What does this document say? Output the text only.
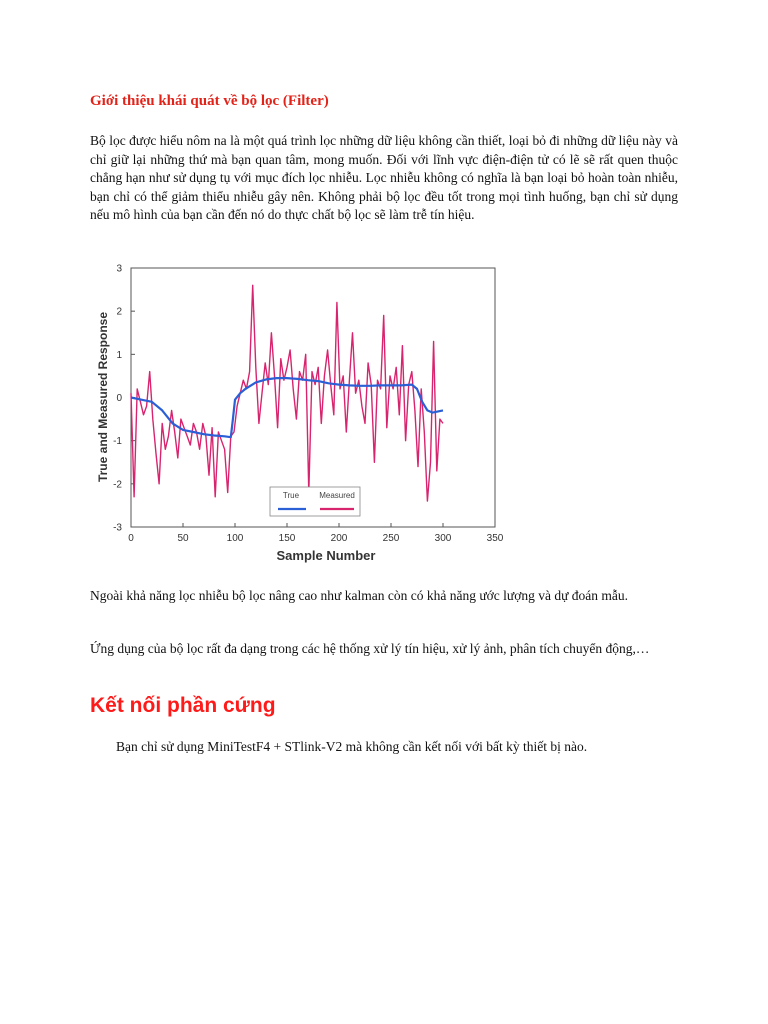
Giới thiệu khái quát về bộ lọc (Filter)

Bộ lọc được hiểu nôm na là một quá trình lọc những dữ liệu không cần thiết, loại bỏ đi những dữ liệu này và chỉ giữ lại những thứ mà bạn quan tâm, mong muốn. Đối với lĩnh vực điện-điện tử có lẽ sẽ rất quen thuộc chẳng hạn như sử dụng tụ với mục đích lọc nhiễu. Lọc nhiễu không có nghĩa là bạn loại bỏ hoàn toàn nhiễu, bạn chỉ có thể giảm thiểu nhiễu gây nên. Không phải bộ lọc đều tốt trong mọi tình huống, bạn chỉ sử dụng nếu mô hình của bạn cần đến nó do thực chất bộ lọc sẽ làm trễ tín hiệu.

3
2
1
0
-1
-2
-3
0	50	100	150	200	250	300	350
True	Measured
Sample Number
True and Measured Response

Ngoài khả năng lọc nhiễu bộ lọc nâng cao như kalman còn có khả năng ước lượng và dự đoán mẫu.

Ứng dụng của bộ lọc rất đa dạng trong các hệ thống xử lý tín hiệu, xử lý ảnh, phân tích chuyển động,…

Kết nối phần cứng

Bạn chỉ sử dụng MiniTestF4 + STlink-V2 mà không cần kết nối với bất kỳ thiết bị nào.
